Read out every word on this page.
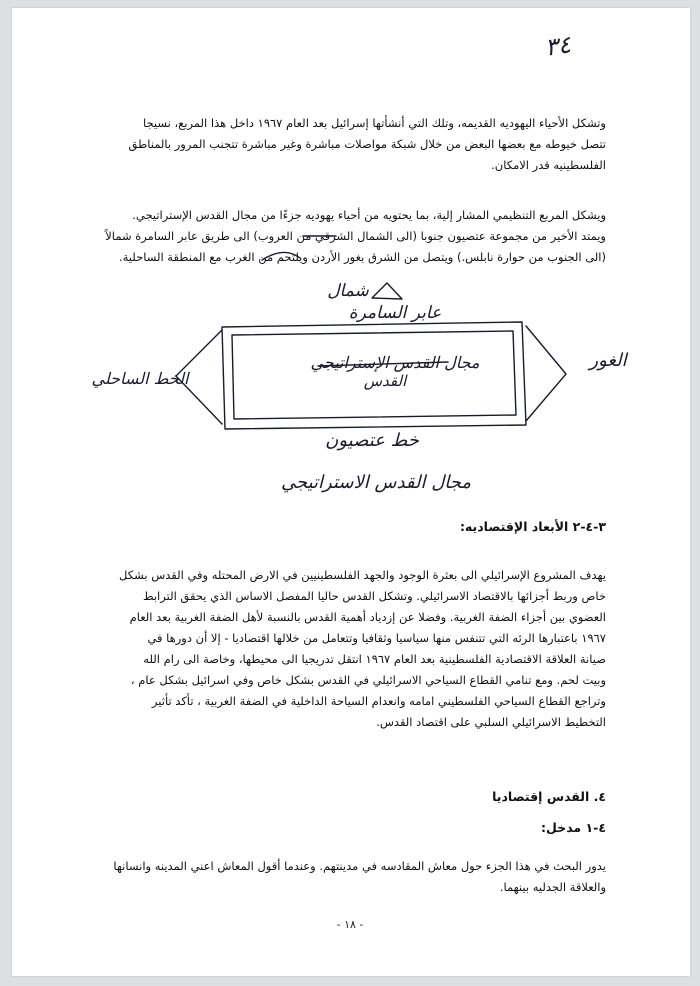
٣٤

وتشكل الأحياء اليهوديه القديمه، وتلك التي أنشأتها إسرائيل بعد العام ١٩٦٧ داخل هذا المربع، نسيجا
تتصل خيوطه مع بعضها البعض من خلال شبكة مواصلات مباشرة وغير مباشرة تتجنب المرور بالمناطق
الفلسطينيه قدر الامكان.

ويشكل المربع التنظيمي المشار إلية، بما يحتويه من أحياء يهوديه جزءًا من مجال القدس الإستراتيجي.
ويمتد الأخير من مجموعة عتصيون جنوبا (الى الشمال الشرقي من العروب) الى طريق عابر السامرة شمالاً
(الى الجنوب من حوارة نابلس.) ويتصل من الشرق بغور الأردن ويلتحم من الغرب مع المنطقة الساحلية.

شمال
عابر السامرة
مجال القدس الإستراتيجي
القدس
الغور
الخط الساحلي
خط عتصيون
مجال القدس الاستراتيجي
٣-٤-٢ الأبعاد الإقتصاديه:

يهدف المشروع الإسرائيلي الى بعثرة الوجود والجهد الفلسطينيين في الارض المحتله وفي القدس بشكل
خاص وربط أجزائها بالاقتصاد الاسرائيلي. وتشكل القدس حاليا المفصل الاساس الذي يحقق الترابط
العضوي بين أجزاء الضفة الغربية. وفضلا عن إزدياد أهمية القدس بالنسبة لأهل الضفة الغربية بعد العام
١٩٦٧ باعتبارها الرئه التي تتنفس منها سياسيا وثقافيا وتتعامل من خلالها اقتصاديا - إلا أن دورها في
صيانة العلاقة الاقتصادية الفلسطينية بعد العام ١٩٦٧ انتقل تدريجيا الى محيطها، وخاصة الى رام الله
وبيت لحم. ومع تنامي القطاع السياحي الاسرائيلي في القدس بشكل خاص وفي اسرائيل بشكل عام ،
وتراجع القطاع السياحي الفلسطيني امامه وانعدام السياحة الداخلية في الضفة الغربية ، تأكد تأثير
التخطيط الاسرائيلي السلبي على اقتصاد القدس.

٤. القدس إقتصاديا
٤-١ مدخل:

يدور البحث في هذا الجزء حول معاش المقادسه في مدينتهم. وعندما أقول المعاش اعني المدينه وانسانها
والعلاقة الجدليه بينهما.

- ١٨ -
